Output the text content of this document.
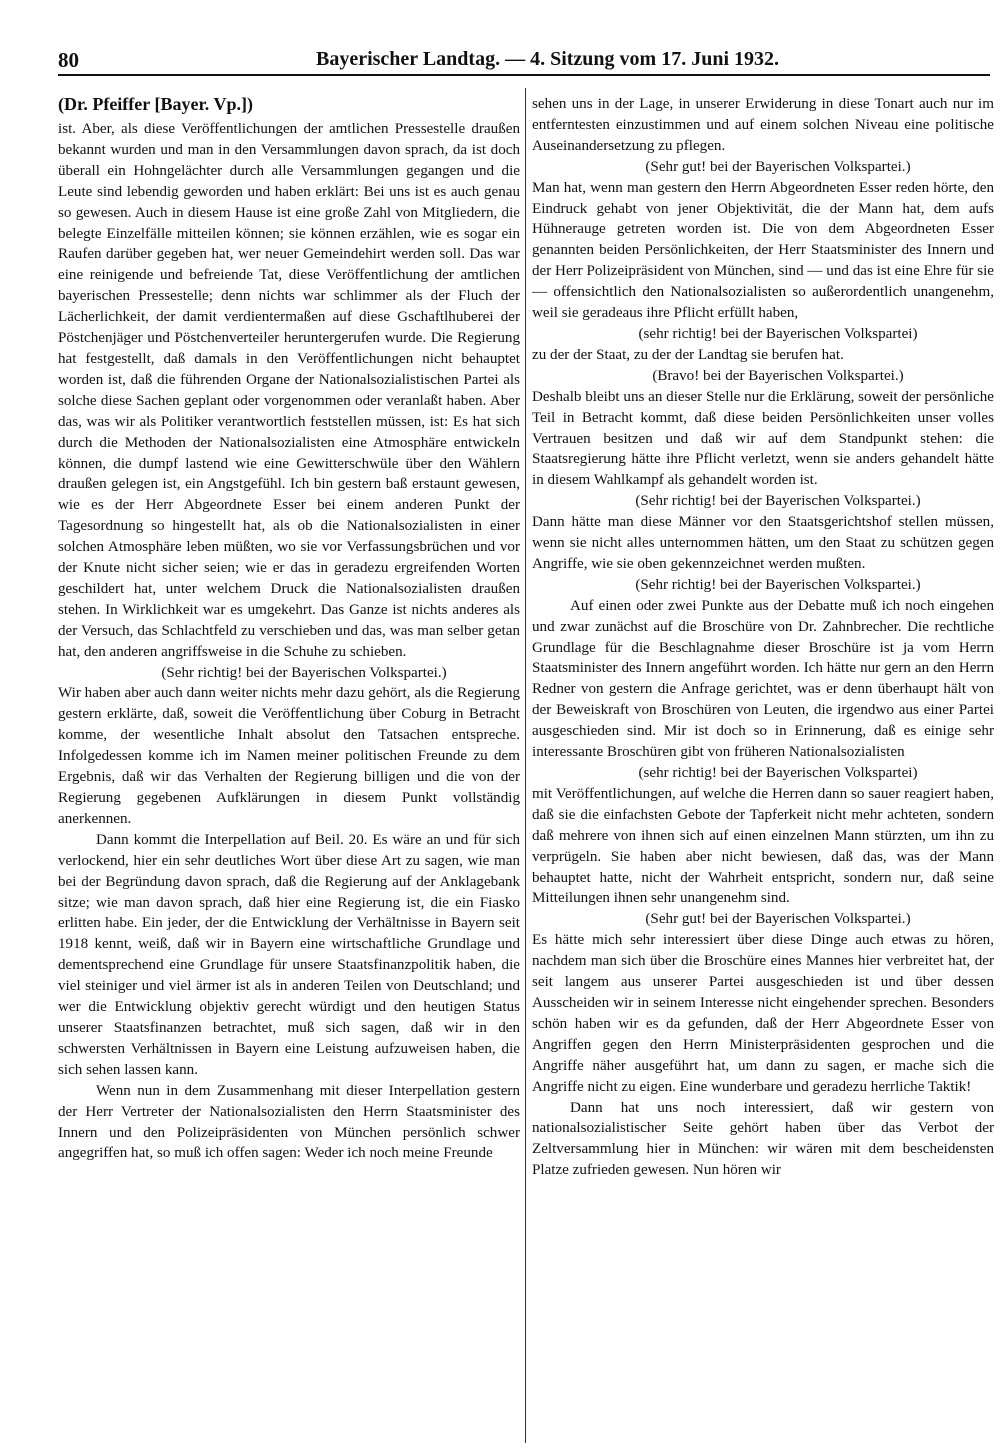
80	Bayerischer Landtag. — 4. Sitzung vom 17. Juni 1932.
(Dr. Pfeiffer [Bayer. Vp.])

ist. Aber, als diese Veröffentlichungen der amtlichen Pressestelle draußen bekannt wurden und man in den Versammlungen davon sprach, da ist doch überall ein Hohngelächter durch alle Versammlungen gegangen und die Leute sind lebendig geworden und haben erklärt: Bei uns ist es auch genau so gewesen. Auch in diesem Hause ist eine große Zahl von Mitgliedern, die belegte Einzelfälle mitteilen können; sie können erzählen, wie es sogar ein Raufen darüber gegeben hat, wer neuer Gemeindehirt werden soll. Das war eine reinigende und befreiende Tat, diese Veröffentlichung der amtlichen bayerischen Pressestelle; denn nichts war schlimmer als der Fluch der Lächerlichkeit, der damit verdientermaßen auf diese Gschaftlhuberei der Pöstchenjäger und Pöstchenverteiler heruntergerufen wurde. Die Regierung hat festgestellt, daß damals in den Veröffentlichungen nicht behauptet worden ist, daß die führenden Organe der Nationalsozialistischen Partei als solche diese Sachen geplant oder vorgenommen oder veranlaßt haben. Aber das, was wir als Politiker verantwortlich feststellen müssen, ist: Es hat sich durch die Methoden der Nationalsozialisten eine Atmosphäre entwickeln können, die dumpf lastend wie eine Gewitterschwüle über den Wählern draußen gelegen ist, ein Angstgefühl. Ich bin gestern baß erstaunt gewesen, wie es der Herr Abgeordnete Esser bei einem anderen Punkt der Tagesordnung so hingestellt hat, als ob die Nationalsozialisten in einer solchen Atmosphäre leben müßten, wo sie vor Verfassungsbrüchen und vor der Knute nicht sicher seien; wie er das in geradezu ergreifenden Worten geschildert hat, unter welchem Druck die Nationalsozialisten draußen stehen. In Wirklichkeit war es umgekehrt. Das Ganze ist nichts anderes als der Versuch, das Schlachtfeld zu verschieben und das, was man selber getan hat, den anderen angriffsweise in die Schuhe zu schieben.

(Sehr richtig! bei der Bayerischen Volkspartei.)

Wir haben aber auch dann weiter nichts mehr dazu gehört, als die Regierung gestern erklärte, daß, soweit die Veröffentlichung über Coburg in Betracht komme, der wesentliche Inhalt absolut den Tatsachen entspreche. Infolgedessen komme ich im Namen meiner politischen Freunde zu dem Ergebnis, daß wir das Verhalten der Regierung billigen und die von der Regierung gegebenen Aufklärungen in diesem Punkt vollständig anerkennen.

Dann kommt die Interpellation auf Beil. 20. Es wäre an und für sich verlockend, hier ein sehr deutliches Wort über diese Art zu sagen, wie man bei der Begründung davon sprach, daß die Regierung auf der Anklagebank sitze; wie man davon sprach, daß hier eine Regierung ist, die ein Fiasko erlitten habe. Ein jeder, der die Entwicklung der Verhältnisse in Bayern seit 1918 kennt, weiß, daß wir in Bayern eine wirtschaftliche Grundlage und dementsprechend eine Grundlage für unsere Staatsfinanzpolitik haben, die viel steiniger und viel ärmer ist als in anderen Teilen von Deutschland; und wer die Entwicklung objektiv gerecht würdigt und den heutigen Status unserer Staatsfinanzen betrachtet, muß sich sagen, daß wir in den schwersten Verhältnissen in Bayern eine Leistung aufzuweisen haben, die sich sehen lassen kann.

Wenn nun in dem Zusammenhang mit dieser Interpellation gestern der Herr Vertreter der Nationalsozialisten den Herrn Staatsminister des Innern und den Polizeipräsidenten von München persönlich schwer angegriffen hat, so muß ich offen sagen: Weder ich noch meine Freunde

sehen uns in der Lage, in unserer Erwiderung in diese Tonart auch nur im entferntesten einzustimmen und auf einem solchen Niveau eine politische Auseinandersetzung zu pflegen.

(Sehr gut! bei der Bayerischen Volkspartei.)

Man hat, wenn man gestern den Herrn Abgeordneten Esser reden hörte, den Eindruck gehabt von jener Objektivität, die der Mann hat, dem aufs Hühnerauge getreten worden ist. Die von dem Abgeordneten Esser genannten beiden Persönlichkeiten, der Herr Staatsminister des Innern und der Herr Polizeipräsident von München, sind — und das ist eine Ehre für sie — offensichtlich den Nationalsozialisten so außerordentlich unangenehm, weil sie geradeaus ihre Pflicht erfüllt haben,

(sehr richtig! bei der Bayerischen Volkspartei)

zu der der Staat, zu der der Landtag sie berufen hat.

(Bravo! bei der Bayerischen Volkspartei.)

Deshalb bleibt uns an dieser Stelle nur die Erklärung, soweit der persönliche Teil in Betracht kommt, daß diese beiden Persönlichkeiten unser volles Vertrauen besitzen und daß wir auf dem Standpunkt stehen: die Staatsregierung hätte ihre Pflicht verletzt, wenn sie anders gehandelt hätte in diesem Wahlkampf als gehandelt worden ist.

(Sehr richtig! bei der Bayerischen Volkspartei.)

Dann hätte man diese Männer vor den Staatsgerichtshof stellen müssen, wenn sie nicht alles unternommen hätten, um den Staat zu schützen gegen Angriffe, wie sie oben gekennzeichnet werden mußten.

(Sehr richtig! bei der Bayerischen Volkspartei.)

Auf einen oder zwei Punkte aus der Debatte muß ich noch eingehen und zwar zunächst auf die Broschüre von Dr. Zahnbrecher. Die rechtliche Grundlage für die Beschlagnahme dieser Broschüre ist ja vom Herrn Staatsminister des Innern angeführt worden. Ich hätte nur gern an den Herrn Redner von gestern die Anfrage gerichtet, was er denn überhaupt hält von der Beweiskraft von Broschüren von Leuten, die irgendwo aus einer Partei ausgeschieden sind. Mir ist doch so in Erinnerung, daß es einige sehr interessante Broschüren gibt von früheren Nationalsozialisten

(sehr richtig! bei der Bayerischen Volkspartei)

mit Veröffentlichungen, auf welche die Herren dann so sauer reagiert haben, daß sie die einfachsten Gebote der Tapferkeit nicht mehr achteten, sondern daß mehrere von ihnen sich auf einen einzelnen Mann stürzten, um ihn zu verprügeln. Sie haben aber nicht bewiesen, daß das, was der Mann behauptet hatte, nicht der Wahrheit entspricht, sondern nur, daß seine Mitteilungen ihnen sehr unangenehm sind.

(Sehr gut! bei der Bayerischen Volkspartei.)

Es hätte mich sehr interessiert über diese Dinge auch etwas zu hören, nachdem man sich über die Broschüre eines Mannes hier verbreitet hat, der seit langem aus unserer Partei ausgeschieden ist und über dessen Ausscheiden wir in seinem Interesse nicht eingehender sprechen. Besonders schön haben wir es da gefunden, daß der Herr Abgeordnete Esser von Angriffen gegen den Herrn Ministerpräsidenten gesprochen und die Angriffe näher ausgeführt hat, um dann zu sagen, er mache sich die Angriffe nicht zu eigen. Eine wunderbare und geradezu herrliche Taktik!

Dann hat uns noch interessiert, daß wir gestern von nationalsozialistischer Seite gehört haben über das Verbot der Zeltversammlung hier in München: wir wären mit dem bescheidensten Platze zufrieden gewesen. Nun hören wir
